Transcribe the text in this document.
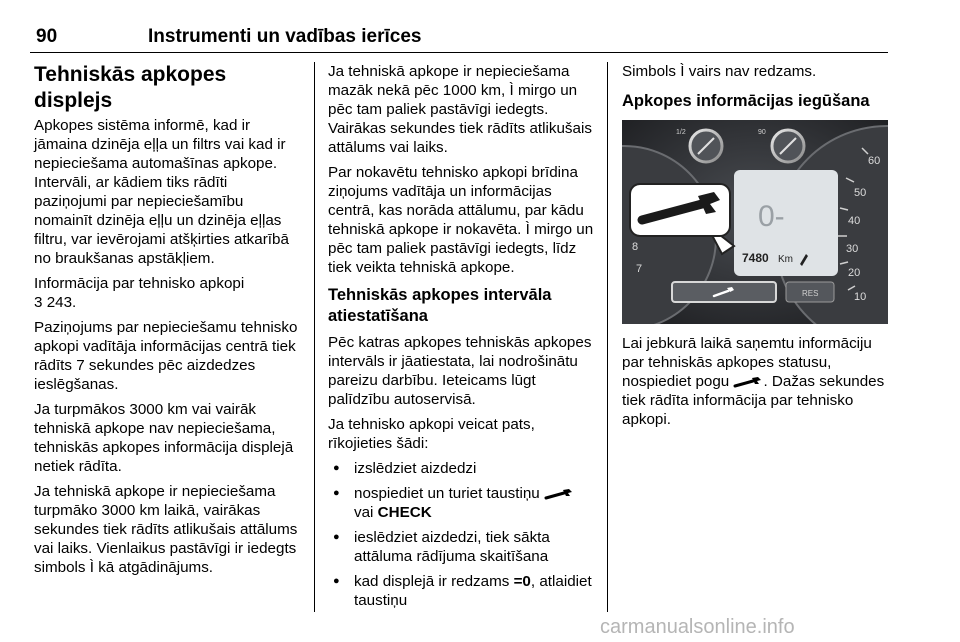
90	Instrumenti un vadības ierīces
Tehniskās apkopes displejs

Apkopes sistēma informē, kad ir jāmaina dzinēja eļļa un filtrs vai kad ir nepieciešama automašīnas apkope. Intervāli, ar kādiem tiks rādīti paziņojumi par nepieciešamību nomainīt dzinēja eļļu un dzinēja eļļas filtru, var ievērojami atšķirties atkarībā no braukšanas apstākļiem.

Informācija par tehnisko apkopi
3 243.

Paziņojums par nepieciešamu tehnisko apkopi vadītāja informācijas centrā tiek rādīts 7 sekundes pēc aizdedzes ieslēgšanas.

Ja turpmākos 3000 km vai vairāk tehniskā apkope nav nepieciešama, tehniskās apkopes informācija displejā netiek rādīta.

Ja tehniskā apkope ir nepieciešama turpmāko 3000 km laikā, vairākas sekundes tiek rādīts atlikušais attālums vai laiks. Vienlaikus pastāvīgi ir iedegts simbols Ì kā atgādinājums.

Ja tehniskā apkope ir nepieciešama mazāk nekā pēc 1000 km, Ì mirgo un pēc tam paliek pastāvīgi iedegts. Vairākas sekundes tiek rādīts atlikušais attālums vai laiks.

Par nokavētu tehnisko apkopi brīdina ziņojums vadītāja un informācijas centrā, kas norāda attālumu, par kādu tehniskā apkope ir nokavēta. Ì mirgo un pēc tam paliek pastāvīgi iedegts, līdz tiek veikta tehniskā apkope.

Tehniskās apkopes intervāla atiestatīšana

Pēc katras apkopes tehniskās apkopes intervāls ir jāatiestata, lai nodrošinātu pareizu darbību. Ieteicams lūgt palīdzību autoservisā.

Ja tehnisko apkopi veicat pats, rīkojieties šādi:

● izslēdziet aizdedzi
● nospiediet un turiet taustiņu
vai CHECK
● ieslēdziet aizdedzi, tiek sākta attāluma rādījuma skaitīšana
● kad displejā ir redzams =0, atlaidiet taustiņu

Simbols Ì vairs nav redzams.

Apkopes informācijas iegūšana
60
50
40
30
20
10
8
7
1/2	90
0-
7480 Km
RES

Lai jebkurā laikā saņemtu informāciju par tehniskās apkopes statusu, nospiediet pogu . Dažas sekundes tiek rādīta informācija par tehnisko apkopi.

carmanualsonline.info
